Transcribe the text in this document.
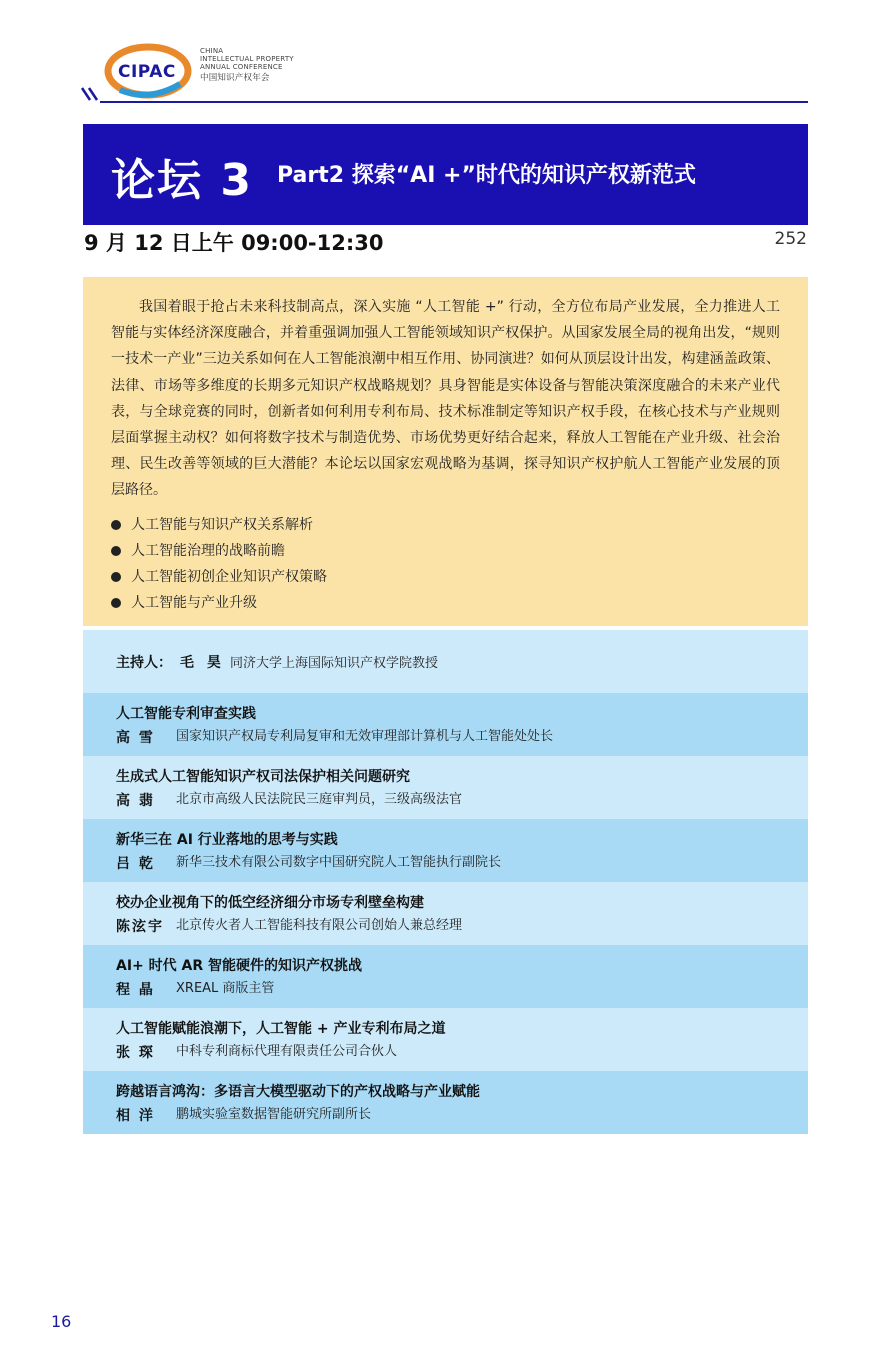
CIPAC
CHINA
INTELLECTUAL PROPERTY
ANNUAL CONFERENCE
中国知识产权年会
论坛 3 Part2 探索“AI +”时代的知识产权新范式
9 月 12 日上午 09:00-12:30	252

我国着眼于抢占未来科技制高点，深入实施 “人工智能 +” 行动，全方位布局产业发展，全力推进人工智能与实体经济深度融合，并着重强调加强人工智能领域知识产权保护。从国家发展全局的视角出发，“规则 一技术一产业”三边关系如何在人工智能浪潮中相互作用、协同演进？如何从顶层设计出发，构建涵盖政策、法律、市场等多维度的长期多元知识产权战略规划？具身智能是实体设备与智能决策深度融合的未来产业代表，与全球竞赛的同时，创新者如何利用专利布局、技术标准制定等知识产权手段，在核心技术与产业规则层面掌握主动权？如何将数字技术与制造优势、市场优势更好结合起来，释放人工智能在产业升级、社会治理、民生改善等领域的巨大潜能？本论坛以国家宏观战略为基调，探寻知识产权护航人工智能产业发展的顶层路径。

人工智能与知识产权关系解析
人工智能治理的战略前瞻
人工智能初创企业知识产权策略
人工智能与产业升级
主持人： 毛 昊 同济大学上海国际知识产权学院教授
人工智能专利审查实践
高 雪	国家知识产权局专利局复审和无效审理部计算机与人工智能处处长
生成式人工智能知识产权司法保护相关问题研究
高 翡	北京市高级人民法院民三庭审判员，三级高级法官
新华三在 AI 行业落地的思考与实践
吕 乾	新华三技术有限公司数字中国研究院人工智能执行副院长
校办企业视角下的低空经济细分市场专利壁垒构建
陈泫宇 北京传火者人工智能科技有限公司创始人兼总经理
AI+ 时代 AR 智能硬件的知识产权挑战
程 晶	XREAL 商版主管
人工智能赋能浪潮下，人工智能 + 产业专利布局之道
张 琛	中科专利商标代理有限责任公司合伙人
跨越语言鸿沟：多语言大模型驱动下的产权战略与产业赋能
相 洋	鹏城实验室数据智能研究所副所长
16
